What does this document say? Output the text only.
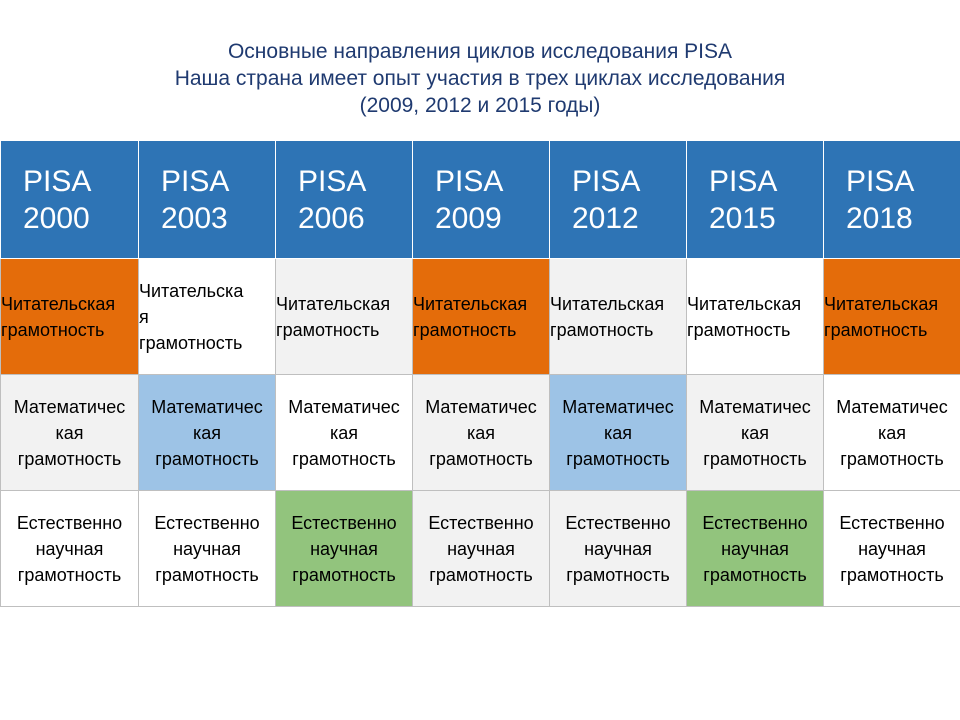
Основные направления циклов исследования PISA
Наша страна имеет опыт участия в трех циклах исследования
(2009, 2012 и 2015 годы)
PISA
2000	PISA
2003	PISA
2006	PISA
2009	PISA
2012	PISA
2015	PISA
2018

Читательская
грамотность	Читательска
я
грамотность	Читательская
грамотность	Читательская
грамотность	Читательская
грамотность	Читательская
грамотность	Читательская
грамотность

Математичес
кая
грамотность	Математичес
кая
грамотность	Математичес
кая
грамотность	Математичес
кая
грамотность	Математичес
кая
грамотность	Математичес
кая
грамотность	Математичес
кая
грамотность

Естественно
научная
грамотность	Естественно
научная
грамотность	Естественно
научная
грамотность	Естественно
научная
грамотность	Естественно
научная
грамотность	Естественно
научная
грамотность	Естественно
научная
грамотность
